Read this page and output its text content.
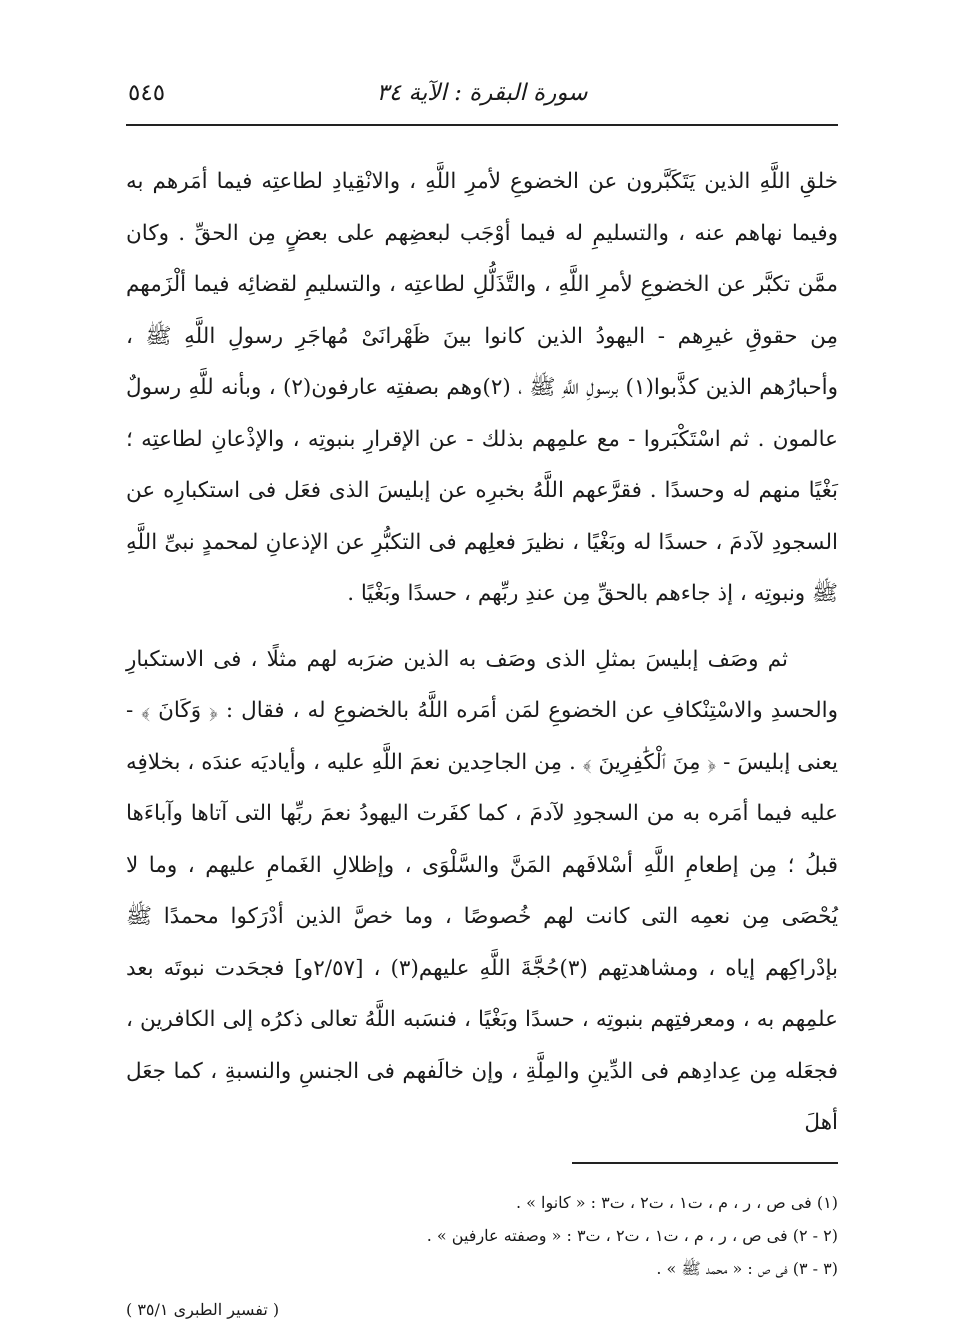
سورة البقرة : الآية ٣٤
٥٤٥

خلقِ اللَّهِ الذين يَتَكَبَّرون عن الخضوعِ لأمرِ اللَّهِ ، والانْقِيادِ لطاعتِه فيما أمَرهم به وفيما نهاهم عنه ، والتسليمِ له فيما أوْجَب لبعضِهم على بعضٍ مِن الحقِّ . وكان ممَّن تكبَّر عن الخضوعِ لأمرِ اللَّهِ ، والتَّذَلُّلِ لطاعتِه ، والتسليمِ لقضائِه فيما ألْزَمهم مِن حقوقِ غيرِهم - اليهودُ الذين كانوا بينَ ظَهْرانَىْ مُهاجَرِ رسولِ اللَّهِ ﷺ ، وأحبارُهم الذين كذَّبوا(١) برسولِ اللَّهِ ﷺ ، (٢)وهم بصفتِه عارفون(٢) ، وبأنه للَّهِ رسولٌ عالمون . ثم اسْتَكْبَروا - مع علمِهم بذلك - عن الإقرارِ بنبوتِه ، والإذْعانِ لطاعتِه ؛ بَغْيًا منهم له وحسدًا . فقرَّعهم اللَّهُ بخبرِه عن إبليسَ الذى فعَل فى استكبارِه عن السجودِ لآدمَ ، حسدًا له وبَغْيًا ، نظيرَ فعلِهم فى التكبُّرِ عن الإذعانِ لمحمدٍ نبىِّ اللَّهِ ﷺ ونبوتِه ، إذ جاءهم بالحقِّ مِن عندِ ربِّهم ، حسدًا وبَغْيًا .

ثم وصَف إبليسَ بمثلِ الذى وصَف به الذين ضرَبه لهم مثلًا ، فى الاستكبارِ والحسدِ والاسْتِنْكافِ عن الخضوعِ لمَن أمَره اللَّهُ بالخضوعِ له ، فقال : ﴿ وَكَانَ ﴾ - يعنى إبليسَ - ﴿ مِنَ ٱلْكَٰفِرِينَ ﴾ . مِن الجاحِدين نعمَ اللَّهِ عليه ، وأياديَه عندَه ، بخلافِه عليه فيما أمَره به من السجودِ لآدمَ ، كما كفَرت اليهودُ نعمَ ربِّها التى آتاها وآباءَها قبلُ ؛ مِن إطعامِ اللَّهِ أسْلافَهم المَنَّ والسَّلْوَى ، وإظلالِ الغَمامِ عليهم ، وما لا يُحْصَى مِن نعمِه التى كانت لهم خُصوصًا ، وما خصَّ الذين أدْرَكوا محمدًا ﷺ بإدْراكِهم إياه ، ومشاهدتِهم (٣)حُجَّةَ اللَّهِ عليهم(٣) ، [٢/٥٧و] فجحَدت نبوتَه بعد علمِهم به ، ومعرفتِهم بنبوتِه ، حسدًا وبَغْيًا ، فنسَبه اللَّهُ تعالى ذكرُه إلى الكافرين ، فجعَله مِن عِدادِهم فى الدِّينِ والمِلَّةِ ، وإن خالَفهم فى الجنسِ والنسبةِ ، كما جعَل أهلَ

(١) فى ص ، ر ، م ، ت١ ، ت٢ ، ت٣ : « كانوا » .
(٢ - ٢) فى ص ، ر ، م ، ت١ ، ت٢ ، ت٣ : « وصفته عارفين » .
(٣ - ٣) فى ص : « محمد ﷺ » .
( تفسير الطبرى ٣٥/١ )
